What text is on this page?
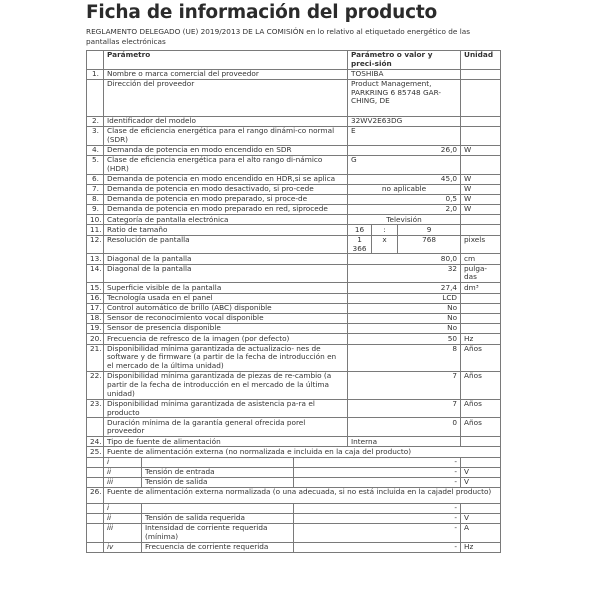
Ficha de información del producto
REGLAMENTO DELEGADO (UE) 2019/2013 DE LA COMISIÓN en lo relativo al etiquetado energético de las pantallas electrónicas
	Parámetro			Parámetro o valor y preci-sión			Unidad
1.	Nombre o marca comercial del proveedor			TOSHIBA			
	Dirección del proveedor			Product Management, PARKRING 6 85748 GAR-CHING, DE			
2.	Identificador del modelo			32WV2E63DG			
3.	Clase de eficiencia energética para el rango dinámi-co normal (SDR)			E			
4.	Demanda de potencia en modo encendido en SDR			26,0			W
5.	Clase de eficiencia energética para el alto rango di-námico (HDR)			G			
6.	Demanda de potencia en modo encendido en HDR,si se aplica			45,0			W
7.	Demanda de potencia en modo desactivado, si pro-cede			no aplicable			W
8.	Demanda de potencia en modo preparado, si proce-de			0,5			W
9.	Demanda de potencia en modo preparado en red, siprocede			2,0			W
10.	Categoría de pantalla electrónica			Televisión			
11.	Ratio de tamaño			16	:	9	
12.	Resolución de pantalla			1 366	x	768	pixels
13.	Diagonal de la pantalla			80,0			cm
14.	Diagonal de la pantalla			32			pulga-das
15.	Superficie visible de la pantalla			27,4			dm³
16.	Tecnología usada en el panel			LCD			
17.	Control automático de brillo (ABC) disponible			No			
18.	Sensor de reconocimiento vocal disponible			No			
19.	Sensor de presencia disponible			No			
20.	Frecuencia de refresco de la imagen (por defecto)			50			Hz
21.	Disponibilidad mínima garantizada de actualizacio- nes de software y de firmware (a partir de la fecha de introducción en el mercado de la última unidad)			8			Años
22.	Disponibilidad mínima garantizada de piezas de re-cambio (a partir de la fecha de introducción en el mercado de la última unidad)			7			Años
23.	Disponibilidad mínima garantizada de asistencia pa-ra el producto			7			Años
	Duración mínima de la garantía general ofrecida porel proveedor			0			Años
24.	Tipo de fuente de alimentación			Interna			
25.	Fuente de alimentación externa (no normalizada e incluida en la caja del producto)						
	i		-				
	ii	Tensión de entrada	-				V
	iii	Tensión de salida	-				V
26.	Fuente de alimentación externa normalizada (o una adecuada, si no está incluida en la cajadel producto)						
	i		-				
	ii	Tensión de salida requerida	-				V
	iii	Intensidad de corriente requerida (mínima)	-				A
	iv	Frecuencia de corriente requerida	-				Hz
